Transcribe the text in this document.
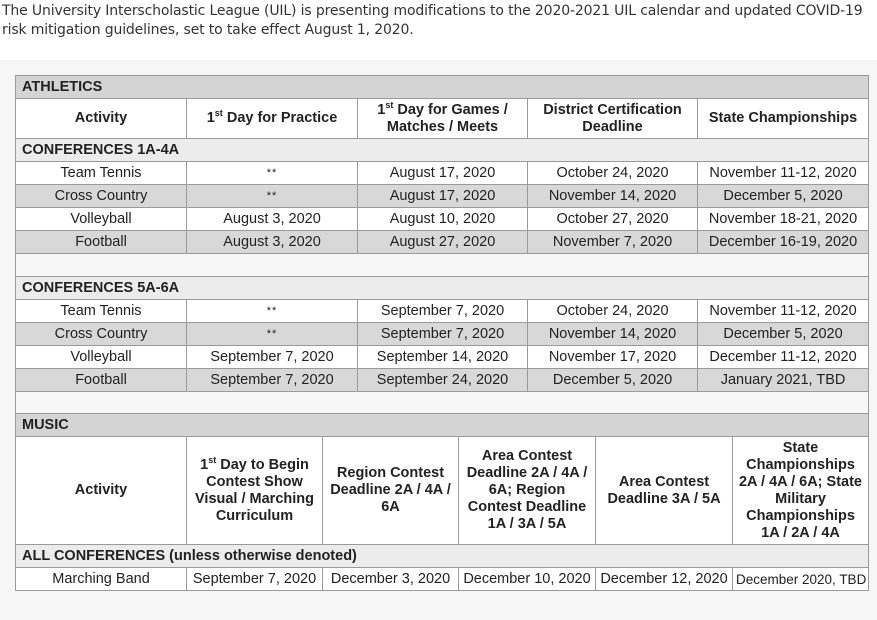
The University Interscholastic League (UIL) is presenting modifications to the 2020-2021 UIL calendar and updated COVID-19 risk mitigation guidelines, set to take effect August 1, 2020.
ATHLETICS				
Activity	1st Day for Practice	1st Day for Games / Matches / Meets	District Certification Deadline	State Championships
CONFERENCES 1A-4A				
Team Tennis	**	August 17, 2020	October 24, 2020	November 11-12, 2020
Cross Country	**	August 17, 2020	November 14, 2020	December 5, 2020
Volleyball	August 3, 2020	August 10, 2020	October 27, 2020	November 18-21, 2020
Football	August 3, 2020	August 27, 2020	November 7, 2020	December 16-19, 2020

CONFERENCES 5A-6A				
Team Tennis	**	September 7, 2020	October 24, 2020	November 11-12, 2020
Cross Country	**	September 7, 2020	November 14, 2020	December 5, 2020
Volleyball	September 7, 2020	September 14, 2020	November 17, 2020	December 11-12, 2020
Football	September 7, 2020	September 24, 2020	December 5, 2020	January 2021, TBD

MUSIC					
Activity	1st Day to Begin Contest Show Visual / Marching Curriculum	Region Contest Deadline 2A / 4A / 6A	Area Contest Deadline 2A / 4A / 6A; Region Contest Deadline 1A / 3A / 5A	Area Contest Deadline 3A / 5A	State Championships 2A / 4A / 6A; State Military Championships 1A / 2A / 4A
ALL CONFERENCES (unless otherwise denoted)					
Marching Band	September 7, 2020	December 3, 2020	December 10, 2020	December 12, 2020	December 2020, TBD
